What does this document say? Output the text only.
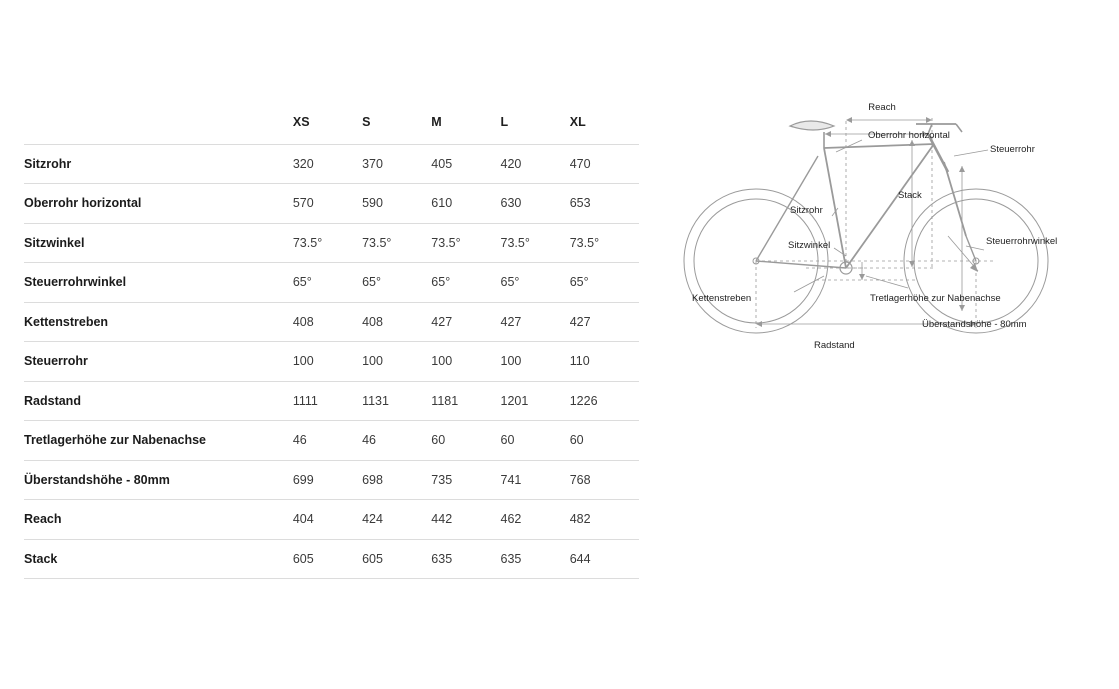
	XS	S	M	L	XL
Sitzrohr	320	370	405	420	470
Oberrohr horizontal	570	590	610	630	653
Sitzwinkel	73.5°	73.5°	73.5°	73.5°	73.5°
Steuerrohrwinkel	65°	65°	65°	65°	65°
Kettenstreben	408	408	427	427	427
Steuerrohr	100	100	100	100	110
Radstand	1111	1131	1181	1201	1226
Tretlagerhöhe zur Nabenachse	46	46	60	60	60
Überstandshöhe - 80mm	699	698	735	741	768
Reach	404	424	442	462	482
Stack	605	605	635	635	644
Reach
Oberrohr horizontal
Steuerrohr
Stack
Sitzrohr
Sitzwinkel	Steuerrohrwinkel
Kettenstreben	Tretlagerhöhe zur Nabenachse
Überstandshöhe - 80mm
Radstand
